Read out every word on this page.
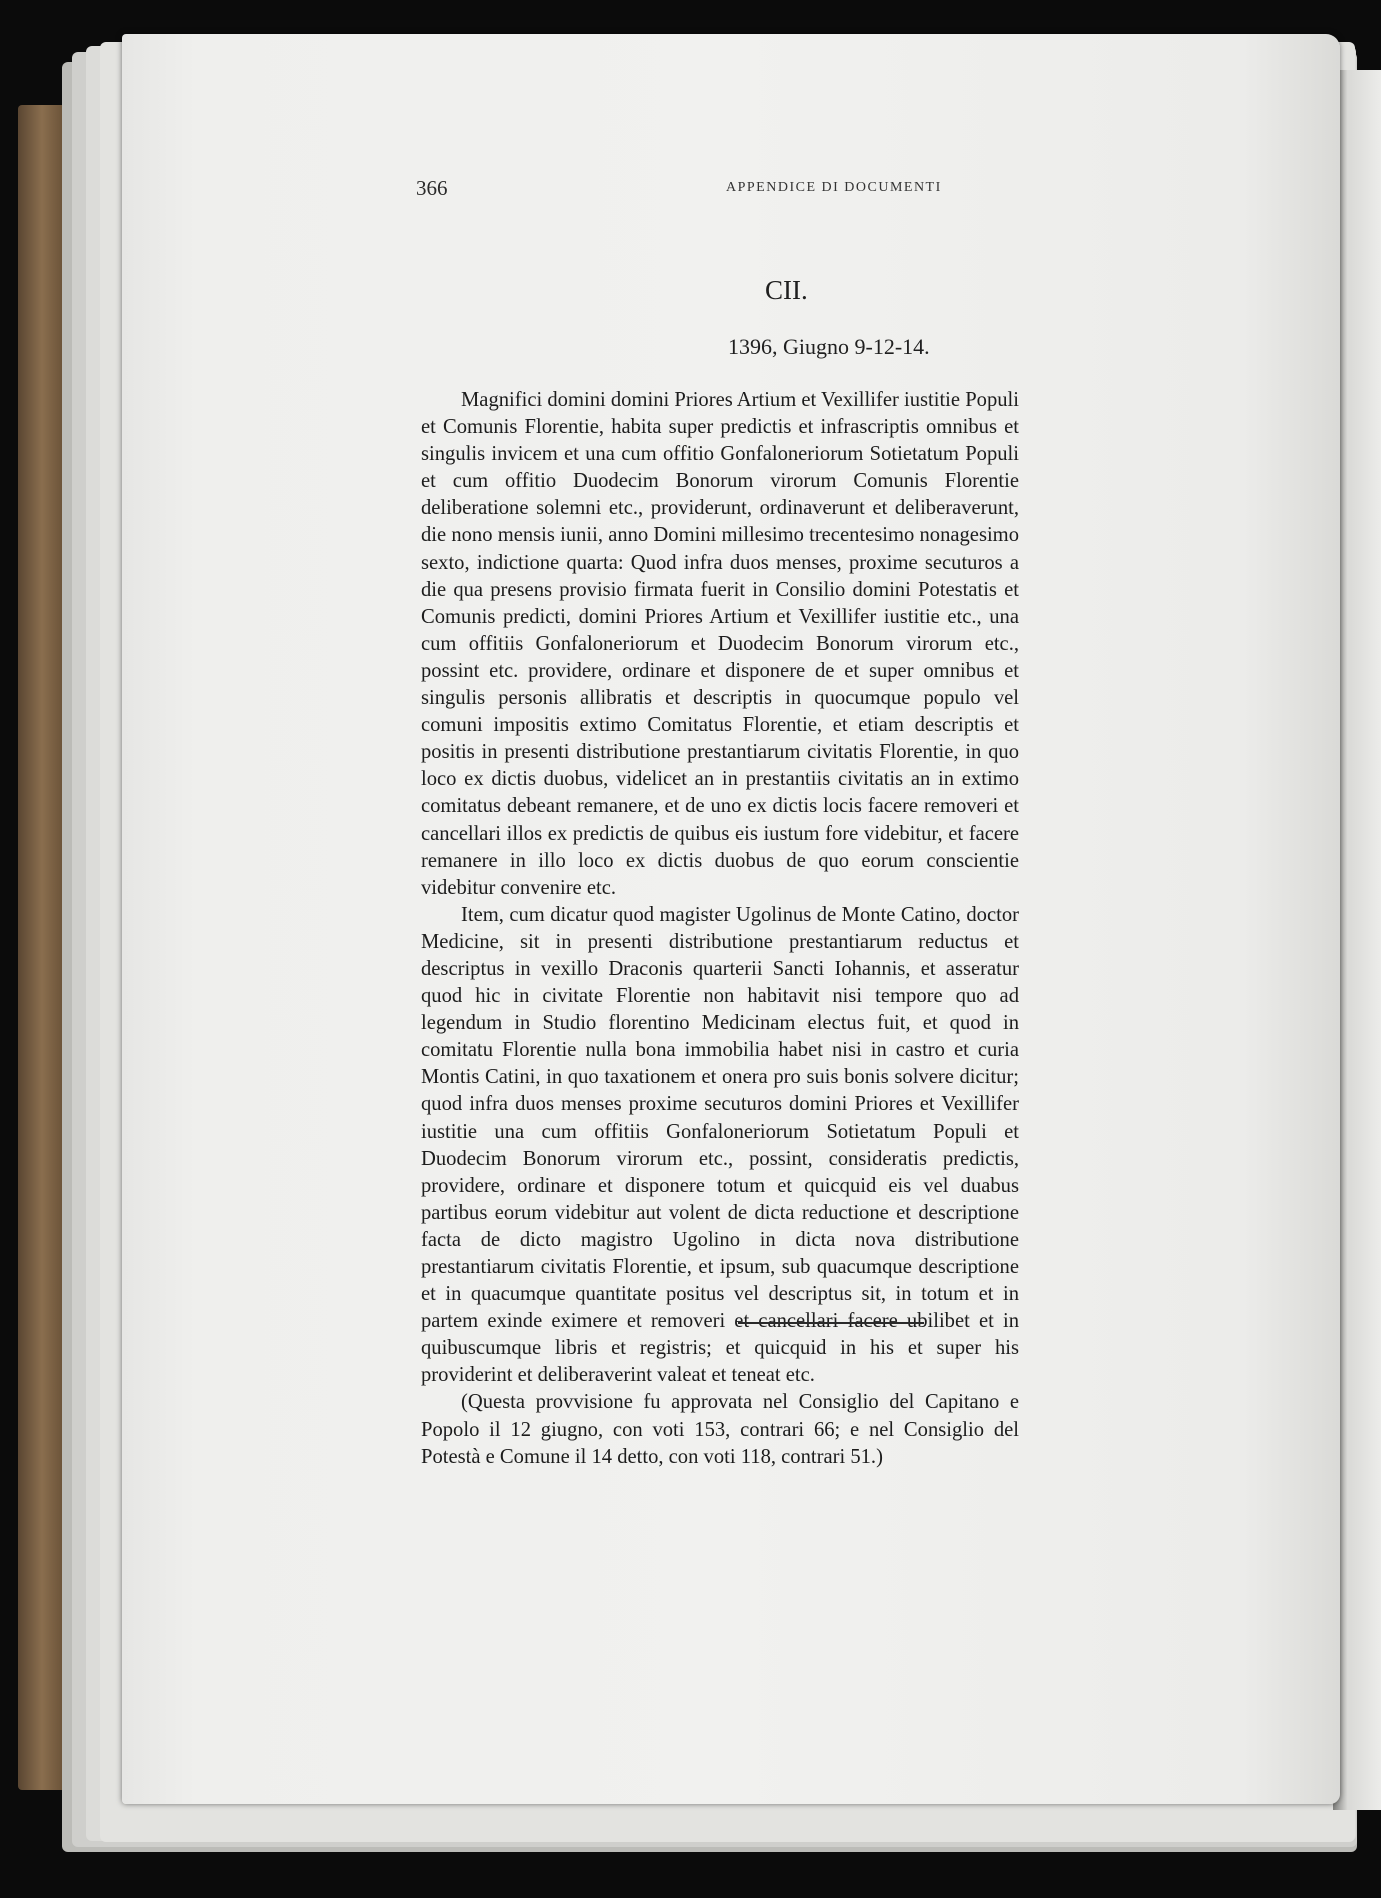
366	APPENDICE DI DOCUMENTI
CII.
1396, Giugno 9-12-14.

Magnifici domini domini Priores Artium et Vexillifer iustitie Populi et Comunis Florentie, habita super predictis et infrascriptis omnibus et singulis invicem et una cum offitio Gonfaloneriorum Sotietatum Populi et cum offitio Duodecim Bonorum virorum Comunis Florentie deliberatione solemni etc., providerunt, ordinaverunt et deliberaverunt, die nono mensis iunii, anno Domini millesimo trecentesimo nonagesimo sexto, indictione quarta: Quod infra duos menses, proxime secuturos a die qua presens provisio firmata fuerit in Consilio domini Potestatis et Comunis predicti, domini Priores Artium et Vexillifer iustitie etc., una cum offitiis Gonfaloneriorum et Duodecim Bonorum virorum etc., possint etc. providere, ordinare et disponere de et super omnibus et singulis personis allibratis et descriptis in quocumque populo vel comuni impositis extimo Comitatus Florentie, et etiam descriptis et positis in presenti distributione prestantiarum civitatis Florentie, in quo loco ex dictis duobus, videlicet an in prestantiis civitatis an in extimo comitatus debeant remanere, et de uno ex dictis locis facere removeri et cancellari illos ex predictis de quibus eis iustum fore videbitur, et facere remanere in illo loco ex dictis duobus de quo eorum conscientie videbitur convenire etc.

Item, cum dicatur quod magister Ugolinus de Monte Catino, doctor Medicine, sit in presenti distributione prestantiarum reductus et descriptus in vexillo Draconis quarterii Sancti Iohannis, et asseratur quod hic in civitate Florentie non habitavit nisi tempore quo ad legendum in Studio florentino Medicinam electus fuit, et quod in comitatu Florentie nulla bona immobilia habet nisi in castro et curia Montis Catini, in quo taxationem et onera pro suis bonis solvere dicitur; quod infra duos menses proxime secuturos domini Priores et Vexillifer iustitie una cum offitiis Gonfaloneriorum Sotietatum Populi et Duodecim Bonorum virorum etc., possint, consideratis predictis, providere, ordinare et disponere totum et quicquid eis vel duabus partibus eorum videbitur aut volent de dicta reductione et descriptione facta de dicto magistro Ugolino in dicta nova distributione prestantiarum civitatis Florentie, et ipsum, sub quacumque descriptione et in quacumque quantitate positus vel descriptus sit, in totum et in partem exinde eximere et removeri et cancellari facere ubilibet et in quibuscumque libris et registris; et quicquid in his et super his providerint et deliberaverint valeat et teneat etc.

(Questa provvisione fu approvata nel Consiglio del Capitano e Popolo il 12 giugno, con voti 153, contrari 66; e nel Consiglio del Potestà e Comune il 14 detto, con voti 118, contrari 51.)
